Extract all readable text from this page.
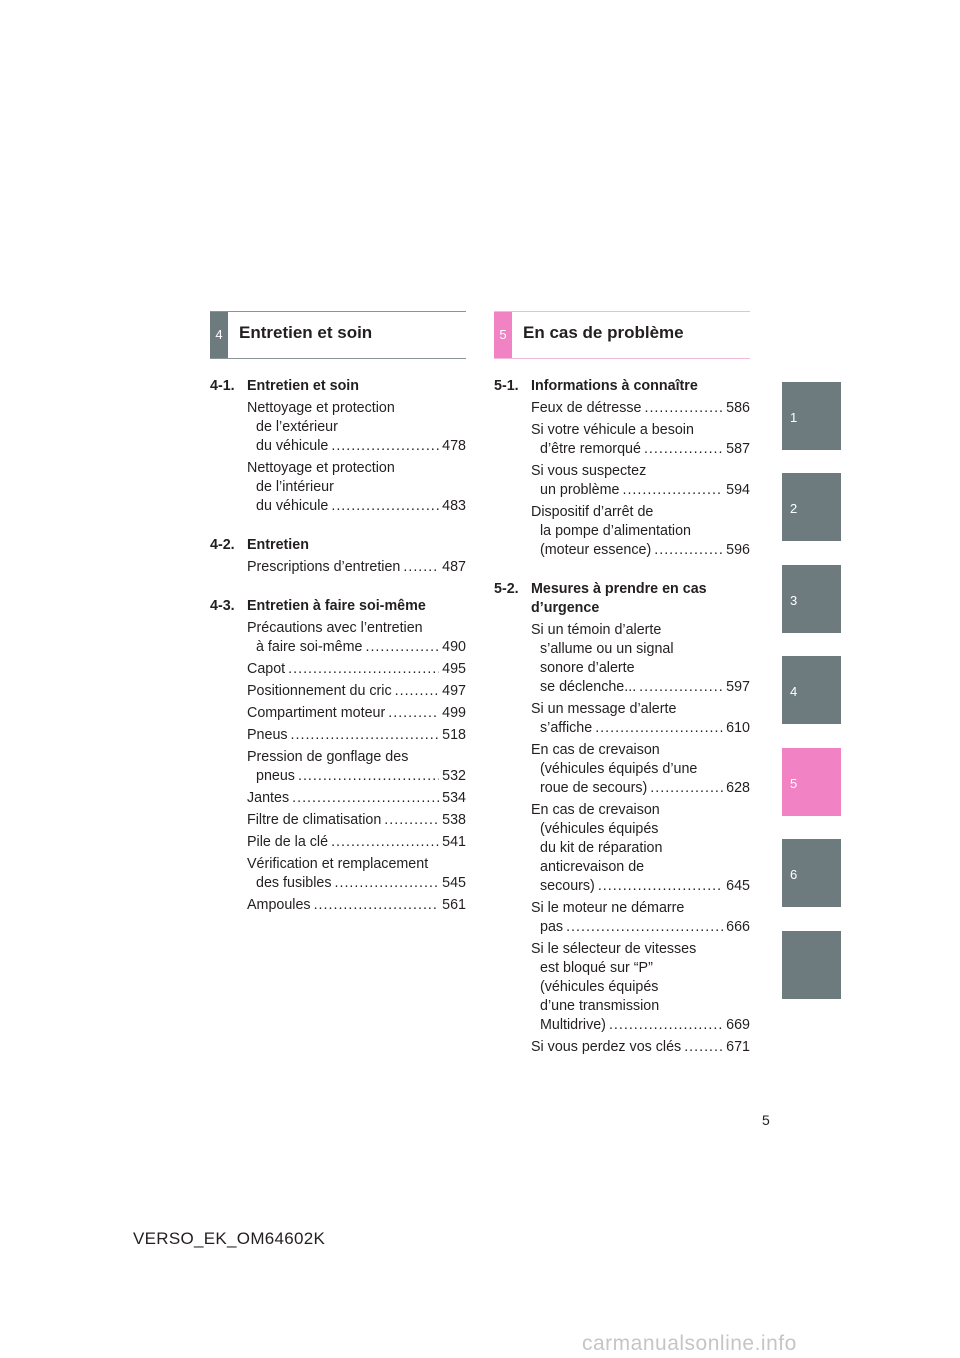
4 Entretien et soin	5 En cas de problème
4-1. Entretien et soin
Nettoyage et protection
de l’extérieur
du véhicule .....	478
Nettoyage et protection
de l’intérieur
du véhicule .....	483
4-2. Entretien
Prescriptions d’entretien .....	487
4-3. Entretien à faire soi-même
Précautions avec l’entretien
à faire soi-même .....	490
Capot .....	495
Positionnement du cric .....	497
Compartiment moteur .....	499
Pneus .....	518
Pression de gonflage des
pneus .....	532
Jantes .....	534
Filtre de climatisation .....	538
Pile de la clé .....	541
Vérification et remplacement
des fusibles .....	545
Ampoules .....	561
5-1. Informations à connaître
Feux de détresse .....	586
Si votre véhicule a besoin
d’être remorqué .....	587
Si vous suspectez
un problème .....	594
Dispositif d’arrêt de
la pompe d’alimentation
(moteur essence) .....	596
5-2. Mesures à prendre en cas
d’urgence
Si un témoin d’alerte
s’allume ou un signal
sonore d’alerte
se déclenche... .....	597
Si un message d’alerte
s’affiche .....	610
En cas de crevaison
(véhicules équipés d’une
roue de secours) .....	628
En cas de crevaison
(véhicules équipés
du kit de réparation
anticrevaison de
secours) .....	645
Si le moteur ne démarre
pas .....	666
Si le sélecteur de vitesses
est bloqué sur “P”
(véhicules équipés
d’une transmission
Multidrive) .....	669
Si vous perdez vos clés .....	671
1
2
3
4
5
6
5
VERSO_EK_OM64602K
carmanualsonline.info
